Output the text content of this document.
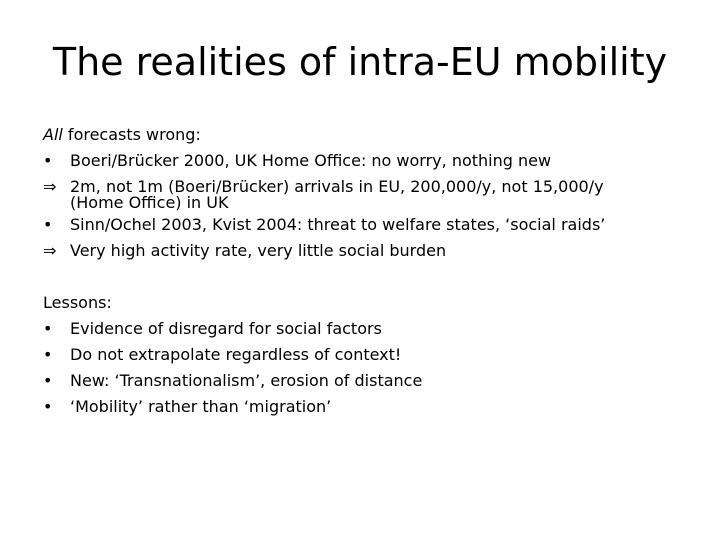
The realities of intra-EU mobility
All forecasts wrong:
• Boeri/Brücker 2000, UK Home Office: no worry, nothing new
⇒ 2m, not 1m (Boeri/Brücker) arrivals in EU, 200,000/y, not 15,000/y
(Home Office) in UK
• Sinn/Ochel 2003, Kvist 2004: threat to welfare states, ‘social raids’
⇒ Very high activity rate, very little social burden
Lessons:
• Evidence of disregard for social factors
• Do not extrapolate regardless of context!
• New: ‘Transnationalism’, erosion of distance
• ‘Mobility’ rather than ‘migration’
